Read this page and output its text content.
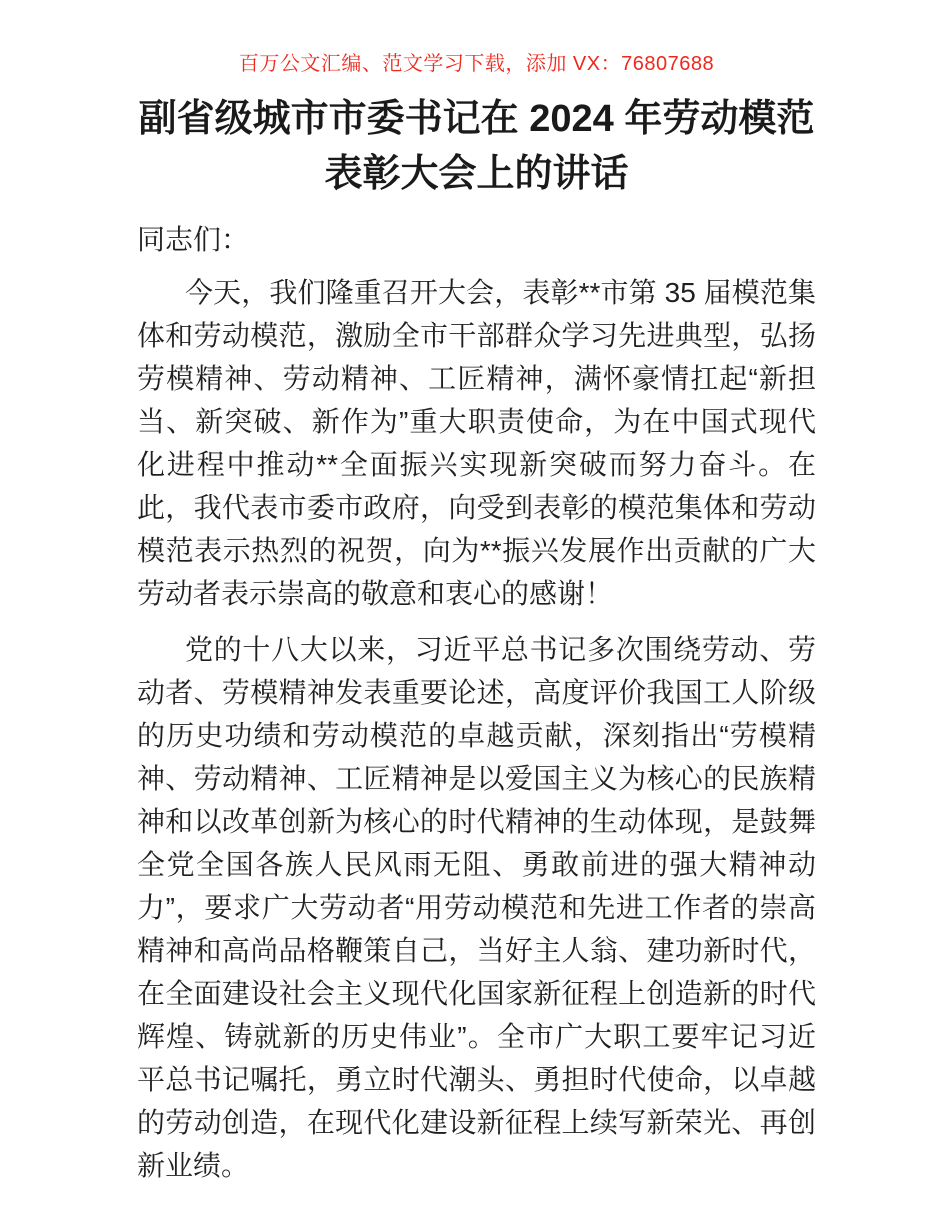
百万公文汇编、范文学习下载，添加 VX：76807688
副省级城市市委书记在 2024 年劳动模范表彰大会上的讲话

同志们：

今天，我们隆重召开大会，表彰**市第 35 届模范集体和劳动模范，激励全市干部群众学习先进典型，弘扬劳模精神、劳动精神、工匠精神，满怀豪情扛起“新担当、新突破、新作为”重大职责使命，为在中国式现代化进程中推动**全面振兴实现新突破而努力奋斗。在此，我代表市委市政府，向受到表彰的模范集体和劳动模范表示热烈的祝贺，向为**振兴发展作出贡献的广大劳动者表示崇高的敬意和衷心的感谢！

党的十八大以来，习近平总书记多次围绕劳动、劳动者、劳模精神发表重要论述，高度评价我国工人阶级的历史功绩和劳动模范的卓越贡献，深刻指出“劳模精神、劳动精神、工匠精神是以爱国主义为核心的民族精神和以改革创新为核心的时代精神的生动体现，是鼓舞全党全国各族人民风雨无阻、勇敢前进的强大精神动力”，要求广大劳动者“用劳动模范和先进工作者的崇高精神和高尚品格鞭策自己，当好主人翁、建功新时代，在全面建设社会主义现代化国家新征程上创造新的时代辉煌、铸就新的历史伟业”。全市广大职工要牢记习近平总书记嘱托，勇立时代潮头、勇担时代使命，以卓越的劳动创造，在现代化建设新征程上续写新荣光、再创新业绩。
